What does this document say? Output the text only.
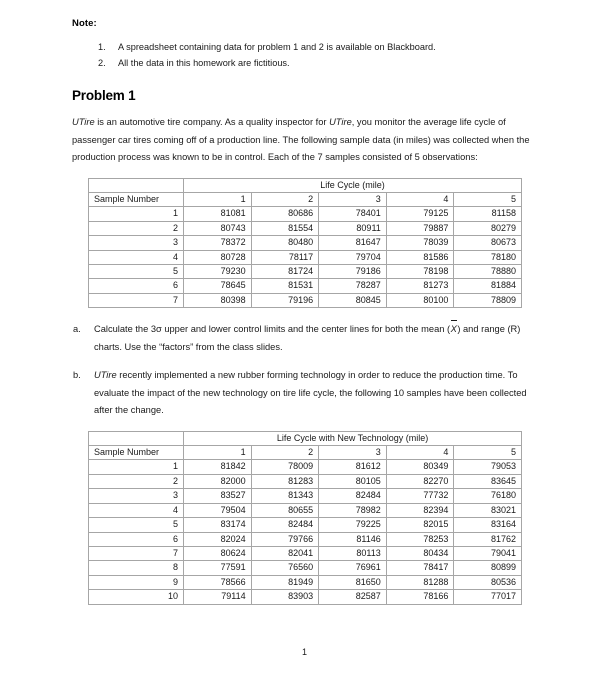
Note:
A spreadsheet containing data for problem 1 and 2 is available on Blackboard.
All the data in this homework are fictitious.
Problem 1

UTire is an automotive tire company. As a quality inspector for UTire, you monitor the average life cycle of passenger car tires coming off of a production line. The following sample data (in miles) was collected when the production process was known to be in control. Each of the 7 samples consisted of 5 observations:

	Life Cycle (mile)				
Sample Number	1	2	3	4	5
1	81081	80686	78401	79125	81158
2	80743	81554	80911	79887	80279
3	78372	80480	81647	78039	80673
4	80728	78117	79704	81586	78180
5	79230	81724	79186	78198	78880
6	78645	81531	78287	81273	81884
7	80398	79196	80845	80100	78809
a. Calculate the 3σ upper and lower control limits and the center lines for both the mean (X) and range (R) charts. Use the “factors” from the class slides.
b. UTire recently implemented a new rubber forming technology in order to reduce the production time. To evaluate the impact of the new technology on tire life cycle, the following 10 samples have been collected after the change.
	Life Cycle with New Technology (mile)				
Sample Number	1	2	3	4	5
1	81842	78009	81612	80349	79053
2	82000	81283	80105	82270	83645
3	83527	81343	82484	77732	76180
4	79504	80655	78982	82394	83021
5	83174	82484	79225	82015	83164
6	82024	79766	81146	78253	81762
7	80624	82041	80113	80434	79041
8	77591	76560	76961	78417	80899
9	78566	81949	81650	81288	80536
10	79114	83903	82587	78166	77017
1
